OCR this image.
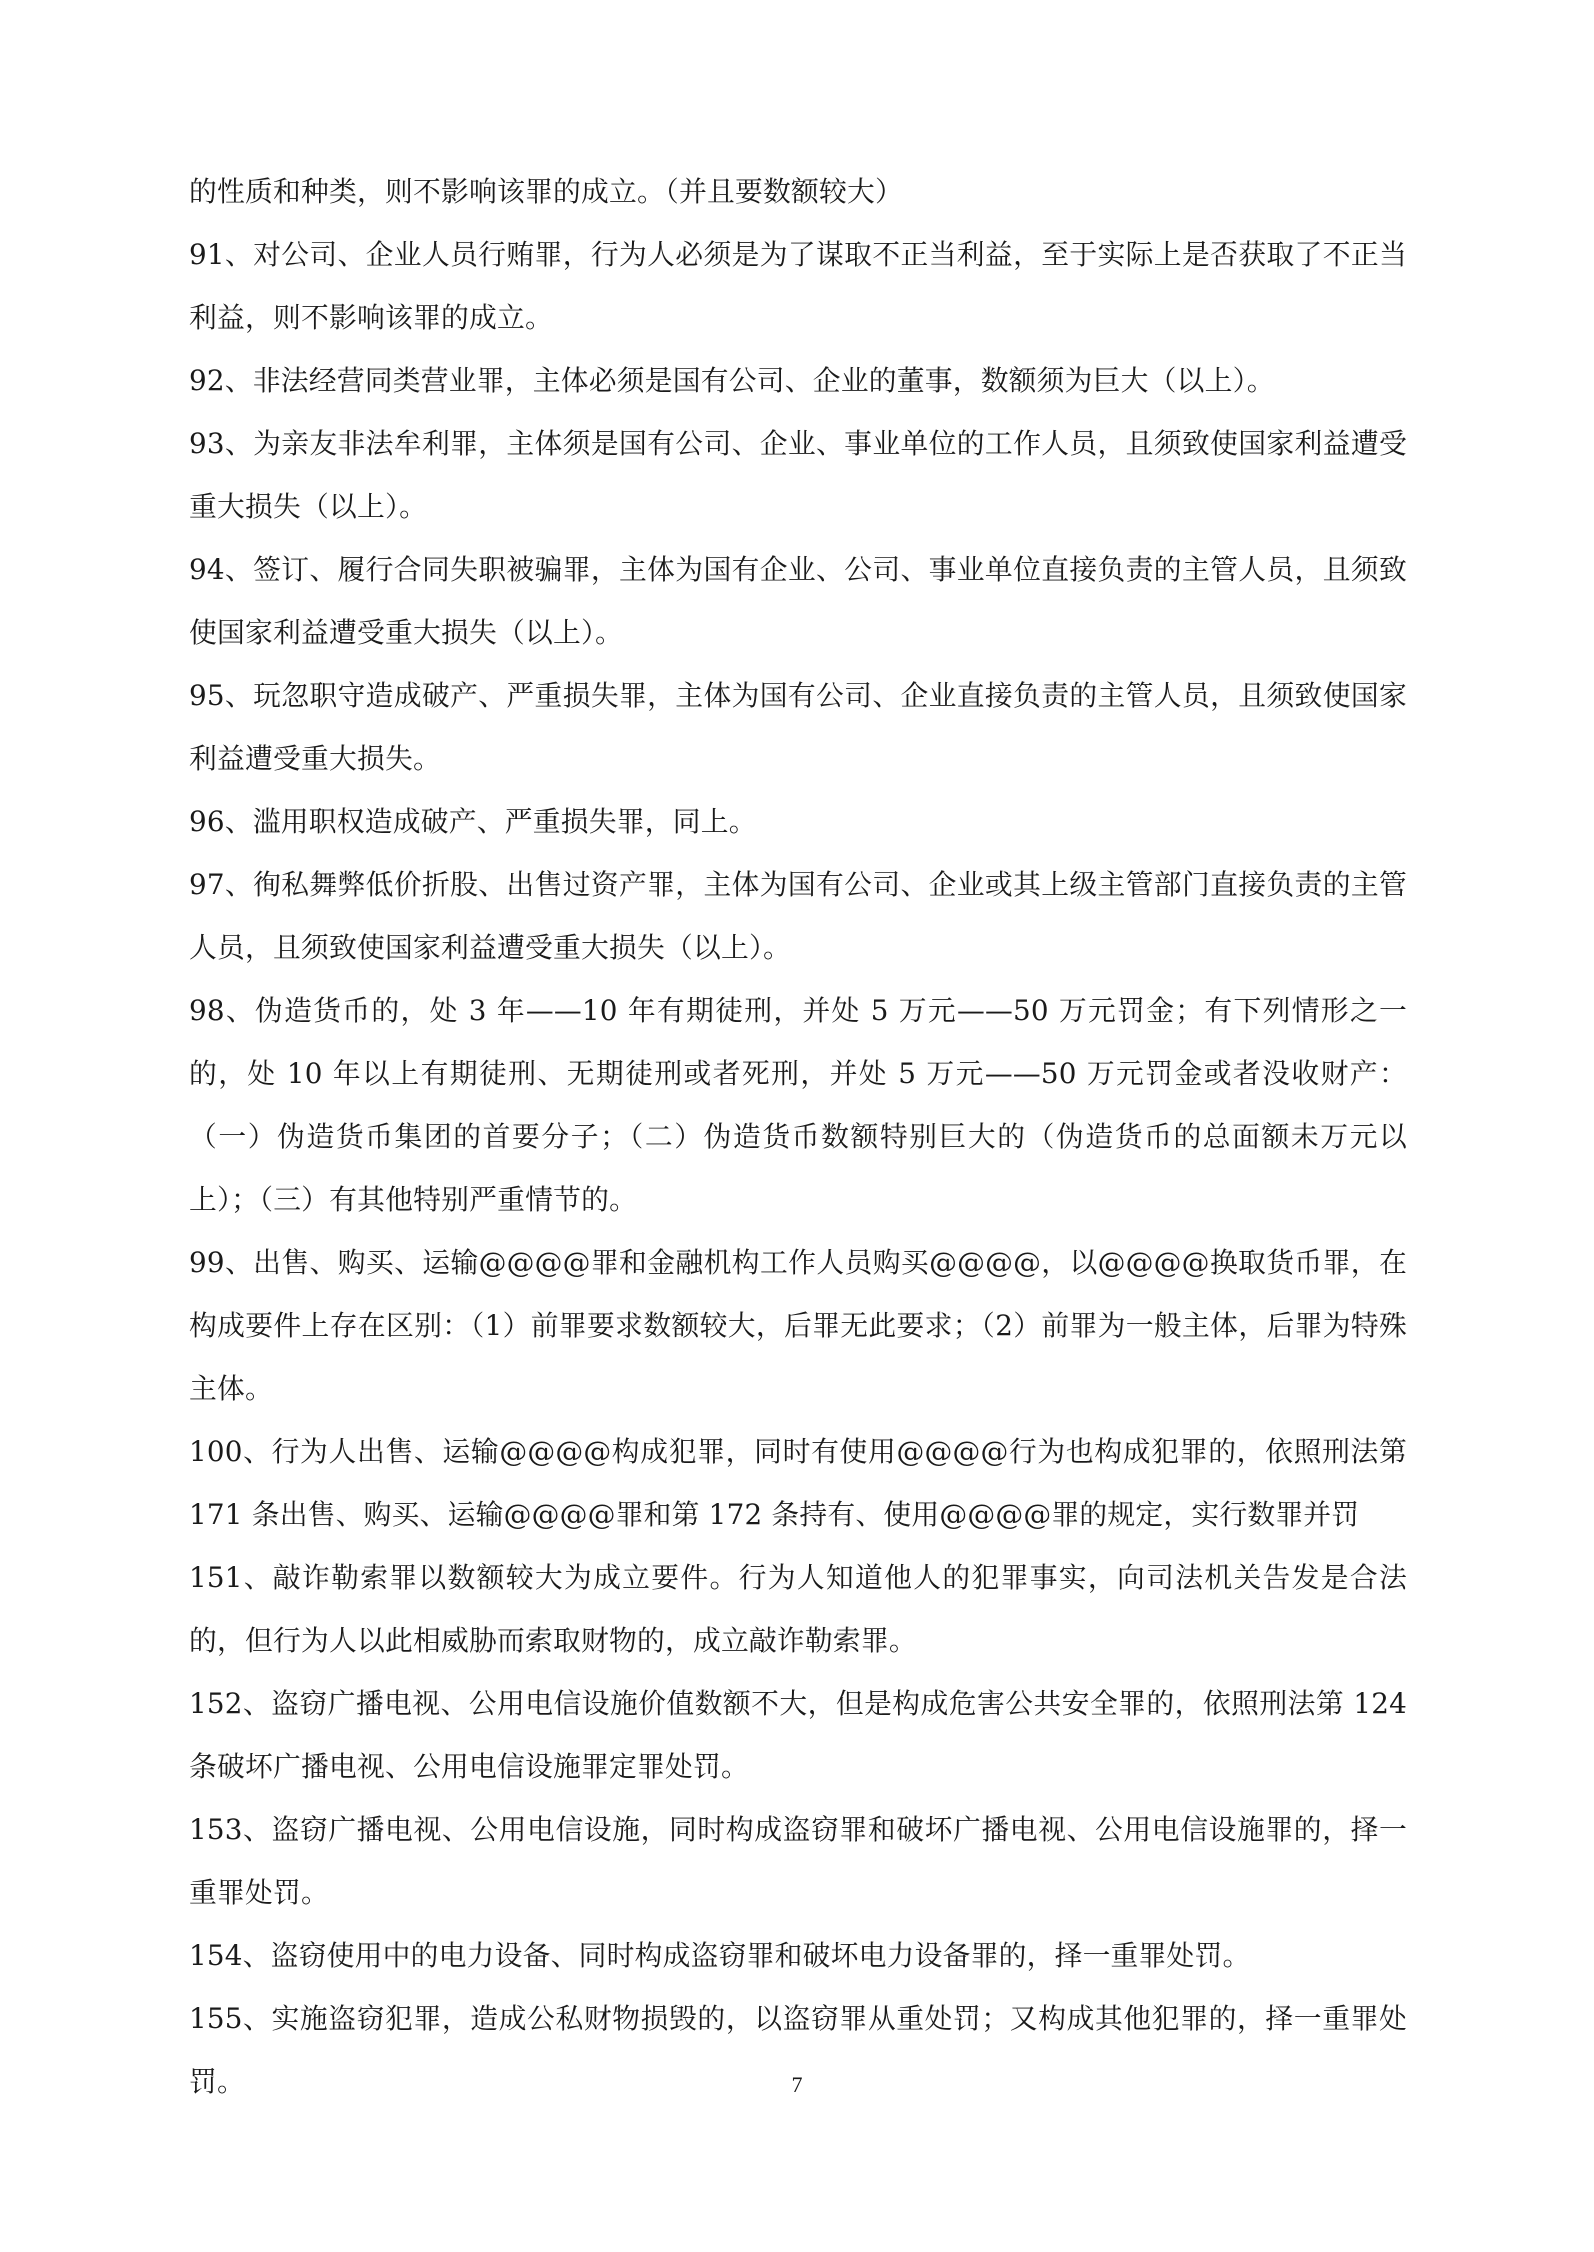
的性质和种类，则不影响该罪的成立。（并且要数额较大）

91、对公司、企业人员行贿罪，行为人必须是为了谋取不正当利益，至于实际上是否获取了不正当利益，则不影响该罪的成立。

92、非法经营同类营业罪，主体必须是国有公司、企业的董事，数额须为巨大（以上）。

93、为亲友非法牟利罪，主体须是国有公司、企业、事业单位的工作人员，且须致使国家利益遭受重大损失（以上）。

94、签订、履行合同失职被骗罪，主体为国有企业、公司、事业单位直接负责的主管人员，且须致使国家利益遭受重大损失（以上）。

95、玩忽职守造成破产、严重损失罪，主体为国有公司、企业直接负责的主管人员，且须致使国家利益遭受重大损失。

96、滥用职权造成破产、严重损失罪，同上。

97、徇私舞弊低价折股、出售过资产罪，主体为国有公司、企业或其上级主管部门直接负责的主管人员，且须致使国家利益遭受重大损失（以上）。

98、伪造货币的，处 3 年——10 年有期徒刑，并处 5 万元——50 万元罚金；有下列情形之一的，处 10 年以上有期徒刑、无期徒刑或者死刑，并处 5 万元——50 万元罚金或者没收财产：（一）伪造货币集团的首要分子；（二）伪造货币数额特别巨大的（伪造货币的总面额未万元以上）；（三）有其他特别严重情节的。

99、出售、购买、运输@@@@罪和金融机构工作人员购买@@@@，以@@@@换取货币罪，在构成要件上存在区别：（1）前罪要求数额较大，后罪无此要求；（2）前罪为一般主体，后罪为特殊主体。

100、行为人出售、运输@@@@构成犯罪，同时有使用@@@@行为也构成犯罪的，依照刑法第 171 条出售、购买、运输@@@@罪和第 172 条持有、使用@@@@罪的规定，实行数罪并罚

151、敲诈勒索罪以数额较大为成立要件。行为人知道他人的犯罪事实，向司法机关告发是合法的，但行为人以此相威胁而索取财物的，成立敲诈勒索罪。

152、盗窃广播电视、公用电信设施价值数额不大，但是构成危害公共安全罪的，依照刑法第 124 条破坏广播电视、公用电信设施罪定罪处罚。

153、盗窃广播电视、公用电信设施，同时构成盗窃罪和破坏广播电视、公用电信设施罪的，择一重罪处罚。

154、盗窃使用中的电力设备、同时构成盗窃罪和破坏电力设备罪的，择一重罪处罚。

155、实施盗窃犯罪，造成公私财物损毁的，以盗窃罪从重处罚；又构成其他犯罪的，择一重罪处罚。	7
